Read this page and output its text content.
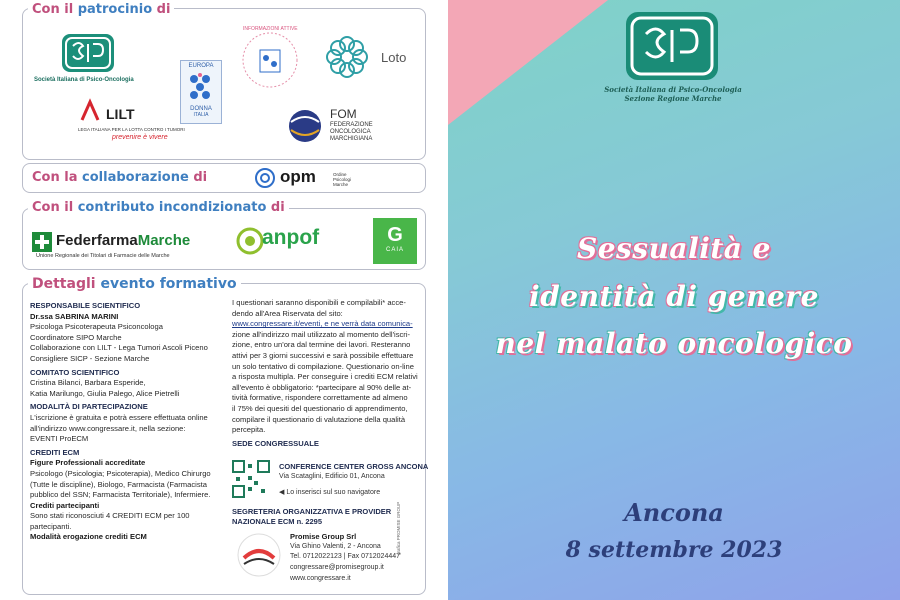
Con il patrocinio di
Società Italiana di Psico-Oncologia
EUROPA
DONNA
ITALIA
INFORMAZIONI ATTIVE
Loto
LILT
LEGA ITALIANA PER LA LOTTA CONTRO I TUMORI
prevenire è vivere
FOM
FEDERAZIONE
ONCOLOGICA
MARCHIGIANA
Con la collaborazione di	opm	Ordine Psicologi Marche
Con il contributo incondizionato di
FederfarmaMarche
Unione Regionale dei Titolari di Farmacie delle Marche
anpof	G
CAIA
Dettagli evento formativo

RESPONSABILE SCIENTIFICO

Dr.ssa SABRINA MARINI

Psicologa Psicoterapeuta Psiconcologa

Coordinatore SIPO Marche

Collaborazione con LILT - Lega Tumori Ascoli Piceno

Consigliere SICP - Sezione Marche

COMITATO SCIENTIFICO

Cristina Bilanci, Barbara Esperide,

Katia Marilungo, Giulia Palego, Alice Pietrelli

MODALITÀ DI PARTECIPAZIONE

L'iscrizione è gratuita e potrà essere effettuata online

all'indirizzo www.congressare.it, nella sezione:

EVENTI ProECM

CREDITI ECM

Figure Professionali accreditate

Psicologo (Psicologia; Psicoterapia), Medico Chirurgo

(Tutte le discipline), Biologo, Farmacista (Farmacista

pubblico del SSN; Farmacista Territoriale), Infermiere.

Crediti partecipanti

Sono stati riconosciuti 4 CREDITI ECM per 100

partecipanti.

Modalità erogazione crediti ECM

I questionari saranno disponibili e compilabili* acce-

dendo all'Area Riservata del sito:

www.congressare.it/eventi, e ne verrà data comunica-

zione all'indirizzo mail utilizzato al momento dell'iscri-

zione, entro un'ora dal termine dei lavori. Resteranno

attivi per 3 giorni successivi e sarà possibile effettuare

un solo tentativo di compilazione. Questionario on-line

a risposta multipla. Per conseguire i crediti ECM relativi

all'evento è obbligatorio: *partecipare al 90% delle at-

tività formative, rispondere correttamente ad almeno

il 75% dei quesiti del questionario di apprendimento,

compilare il questionario di valutazione della qualità

percepita.

SEDE CONGRESSUALE

CONFERENCE CENTER GROSS ANCONA
Via Scataglini, Edificio 01, Ancona
◀ Lo inserisci sul suo navigatore
SEGRETERIA ORGANIZZATIVA E PROVIDER
NAZIONALE ECM n. 2295
Promise Group Srl
Via Ghino Valenti, 2 - Ancona
Tel. 0712022123 | Fax 0712024447
congressare@promisegroup.it
www.congressare.it
grafica PROMISE GROUP
Società Italiana di Psico-Oncologia
Sezione Regione Marche
Sessualità e
identità di genere
nel malato oncologico
Ancona
8 settembre 2023
